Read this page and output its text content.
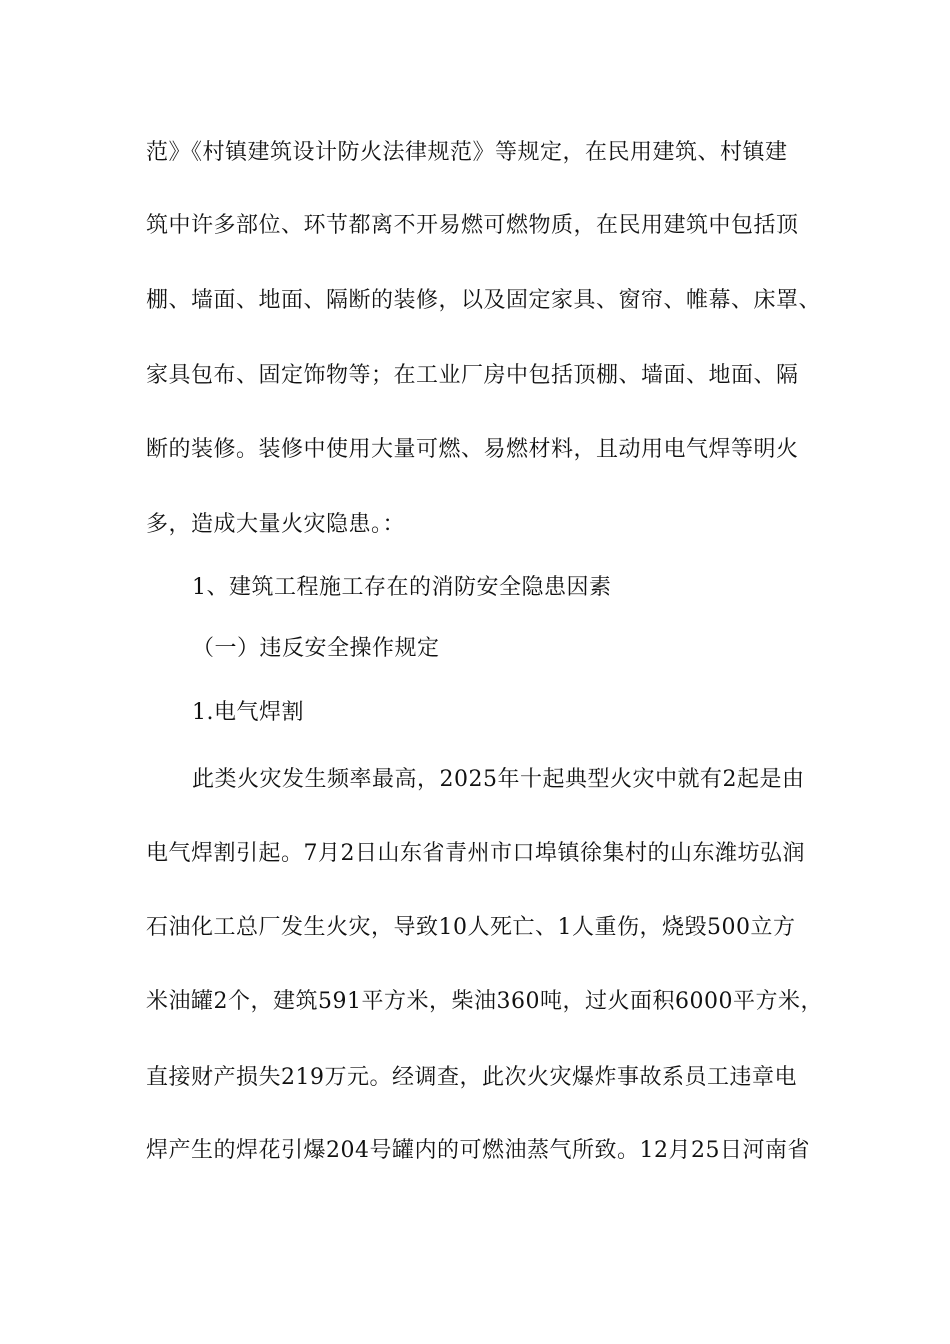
范》《村镇建筑设计防火法律规范》等规定，在民用建筑、村镇建
筑中许多部位、环节都离不开易燃可燃物质，在民用建筑中包括顶
棚、墙面、地面、隔断的装修，以及固定家具、窗帘、帷幕、床罩、
家具包布、固定饰物等；在工业厂房中包括顶棚、墙面、地面、隔
断的装修。装修中使用大量可燃、易燃材料，且动用电气焊等明火
多，造成大量火灾隐患。：
1、建筑工程施工存在的消防安全隐患因素
（一）违反安全操作规定
1.电气焊割
此类火灾发生频率最高，2025年十起典型火灾中就有2起是由
电气焊割引起。7月2日山东省青州市口埠镇徐集村的山东潍坊弘润
石油化工总厂发生火灾，导致10人死亡、1人重伤，烧毁500立方
米油罐2个，建筑591平方米，柴油360吨，过火面积6000平方米，
直接财产损失219万元。经调查，此次火灾爆炸事故系员工违章电
焊产生的焊花引爆204号罐内的可燃油蒸气所致。12月25日河南省
